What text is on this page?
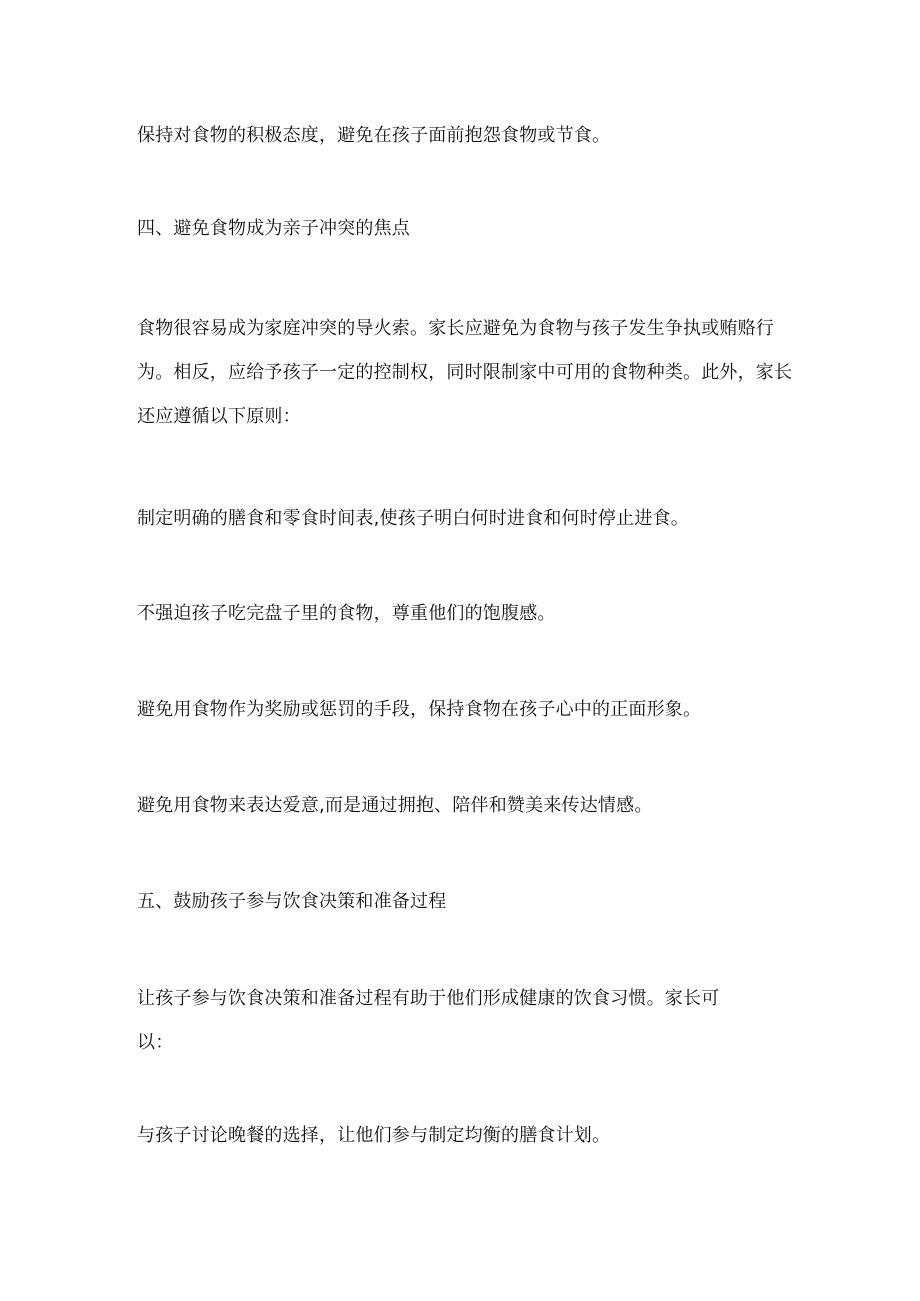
保持对食物的积极态度，避免在孩子面前抱怨食物或节食。

四、避免食物成为亲子冲突的焦点

食物很容易成为家庭冲突的导火索。家长应避免为食物与孩子发生争执或贿赂行为。相反，应给予孩子一定的控制权，同时限制家中可用的食物种类。此外，家长还应遵循以下原则：

制定明确的膳食和零食时间表,使孩子明白何时进食和何时停止进食。

不强迫孩子吃完盘子里的食物，尊重他们的饱腹感。

避免用食物作为奖励或惩罚的手段，保持食物在孩子心中的正面形象。

避免用食物来表达爱意,而是通过拥抱、陪伴和赞美来传达情感。

五、鼓励孩子参与饮食决策和准备过程

让孩子参与饮食决策和准备过程有助于他们形成健康的饮食习惯。家长可以：

与孩子讨论晚餐的选择，让他们参与制定均衡的膳食计划。
